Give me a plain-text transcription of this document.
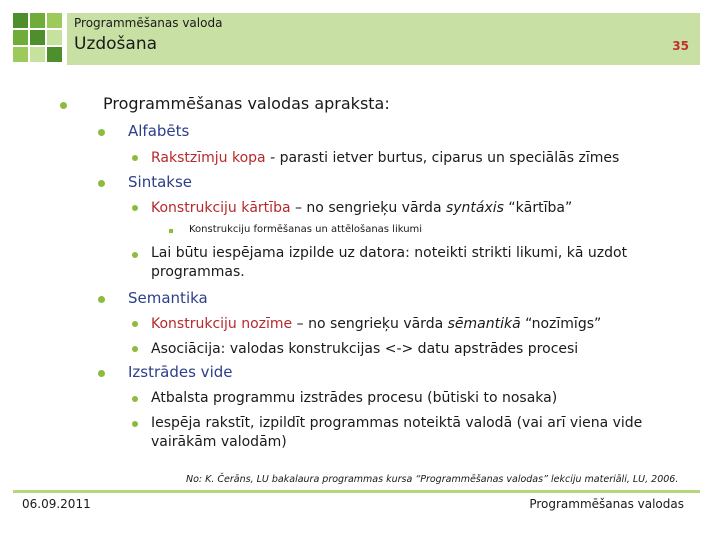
Programmēšanas valoda
Uzdošana	35
Programmēšanas valodas apraksta:
Alfabēts
Rakstzīmju kopa - parasti ietver burtus, ciparus un speciālās zīmes
Sintakse
Konstrukciju kārtība – no sengrieķu vārda syntáxis “kārtība”
Konstrukciju formēšanas un attēlošanas likumi
Lai būtu iespējama izpilde uz datora: noteikti strikti likumi, kā uzdot
programmas.
Semantika
Konstrukciju nozīme – no sengrieķu vārda sēmantikā “nozīmīgs”
Asociācija: valodas konstrukcijas <-> datu apstrādes procesi
Izstrādes vide
Atbalsta programmu izstrādes procesu (būtiski to nosaka)
Iespēja rakstīt, izpildīt programmas noteiktā valodā (vai arī viena vide
vairākām valodām)
No: K. Čerāns, LU bakalaura programmas kursa “Programmēšanas valodas” lekciju materiāli, LU, 2006.
06.09.2011	Programmēšanas valodas
